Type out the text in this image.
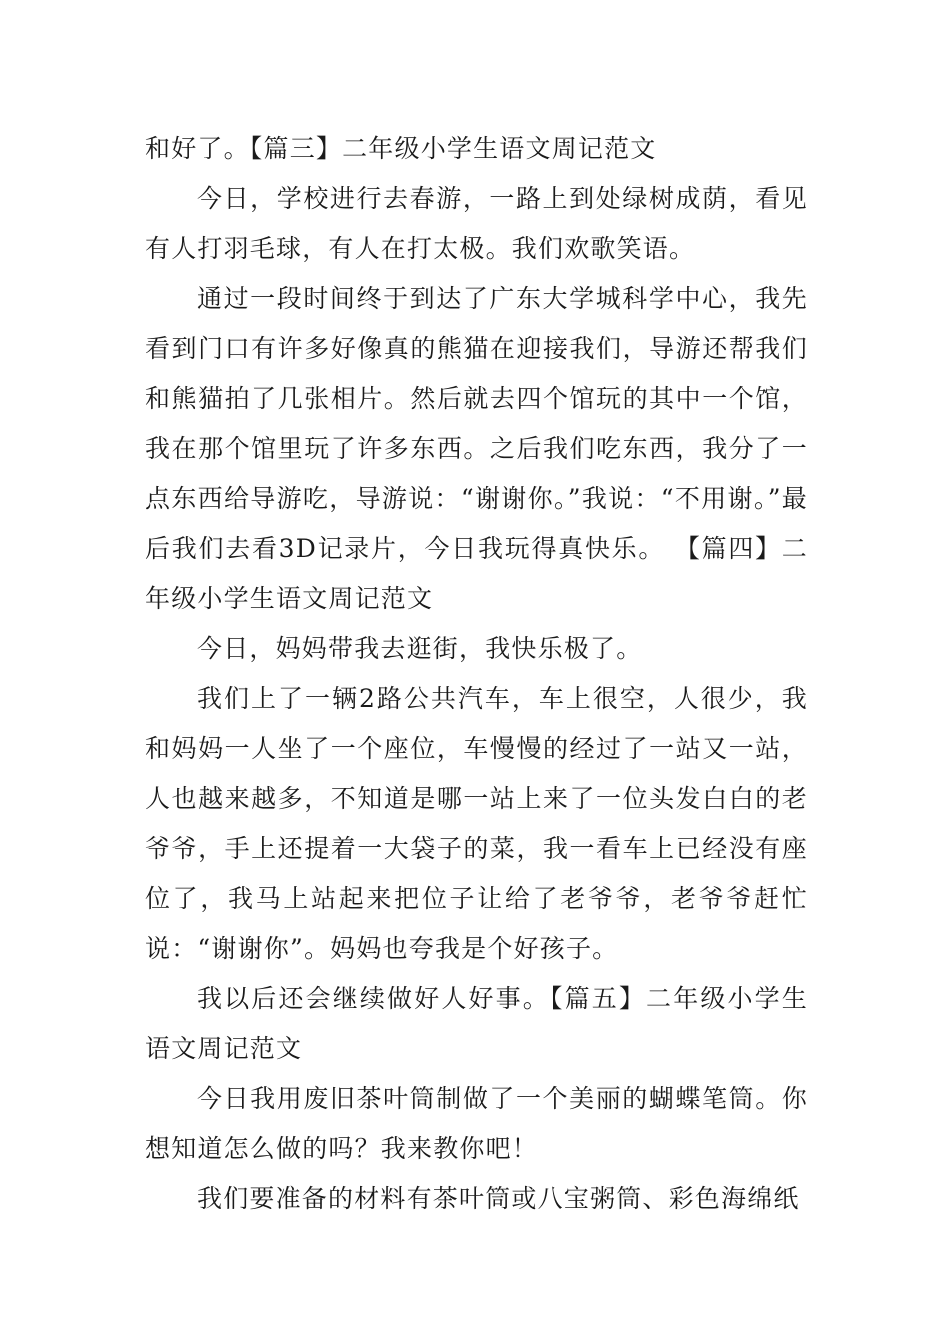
和好了。【篇三】二年级小学生语文周记范文

今日，学校进行去春游，一路上到处绿树成荫，看见有人打羽毛球，有人在打太极。我们欢歌笑语。

通过一段时间终于到达了广东大学城科学中心，我先看到门口有许多好像真的熊猫在迎接我们，导游还帮我们和熊猫拍了几张相片。然后就去四个馆玩的其中一个馆，我在那个馆里玩了许多东西。之后我们吃东西，我分了一点东西给导游吃，导游说：“谢谢你。”我说：“不用谢。”最后我们去看3D记录片，今日我玩得真快乐。 【篇四】二年级小学生语文周记范文

今日，妈妈带我去逛街，我快乐极了。

我们上了一辆2路公共汽车，车上很空，人很少，我和妈妈一人坐了一个座位，车慢慢的经过了一站又一站，人也越来越多，不知道是哪一站上来了一位头发白白的老爷爷，手上还提着一大袋子的菜，我一看车上已经没有座位了，我马上站起来把位子让给了老爷爷，老爷爷赶忙说：“谢谢你”。妈妈也夸我是个好孩子。

我以后还会继续做好人好事。【篇五】二年级小学生语文周记范文

今日我用废旧茶叶筒制做了一个美丽的蝴蝶笔筒。你想知道怎么做的吗？我来教你吧！

我们要准备的材料有茶叶筒或八宝粥筒、彩色海绵纸
